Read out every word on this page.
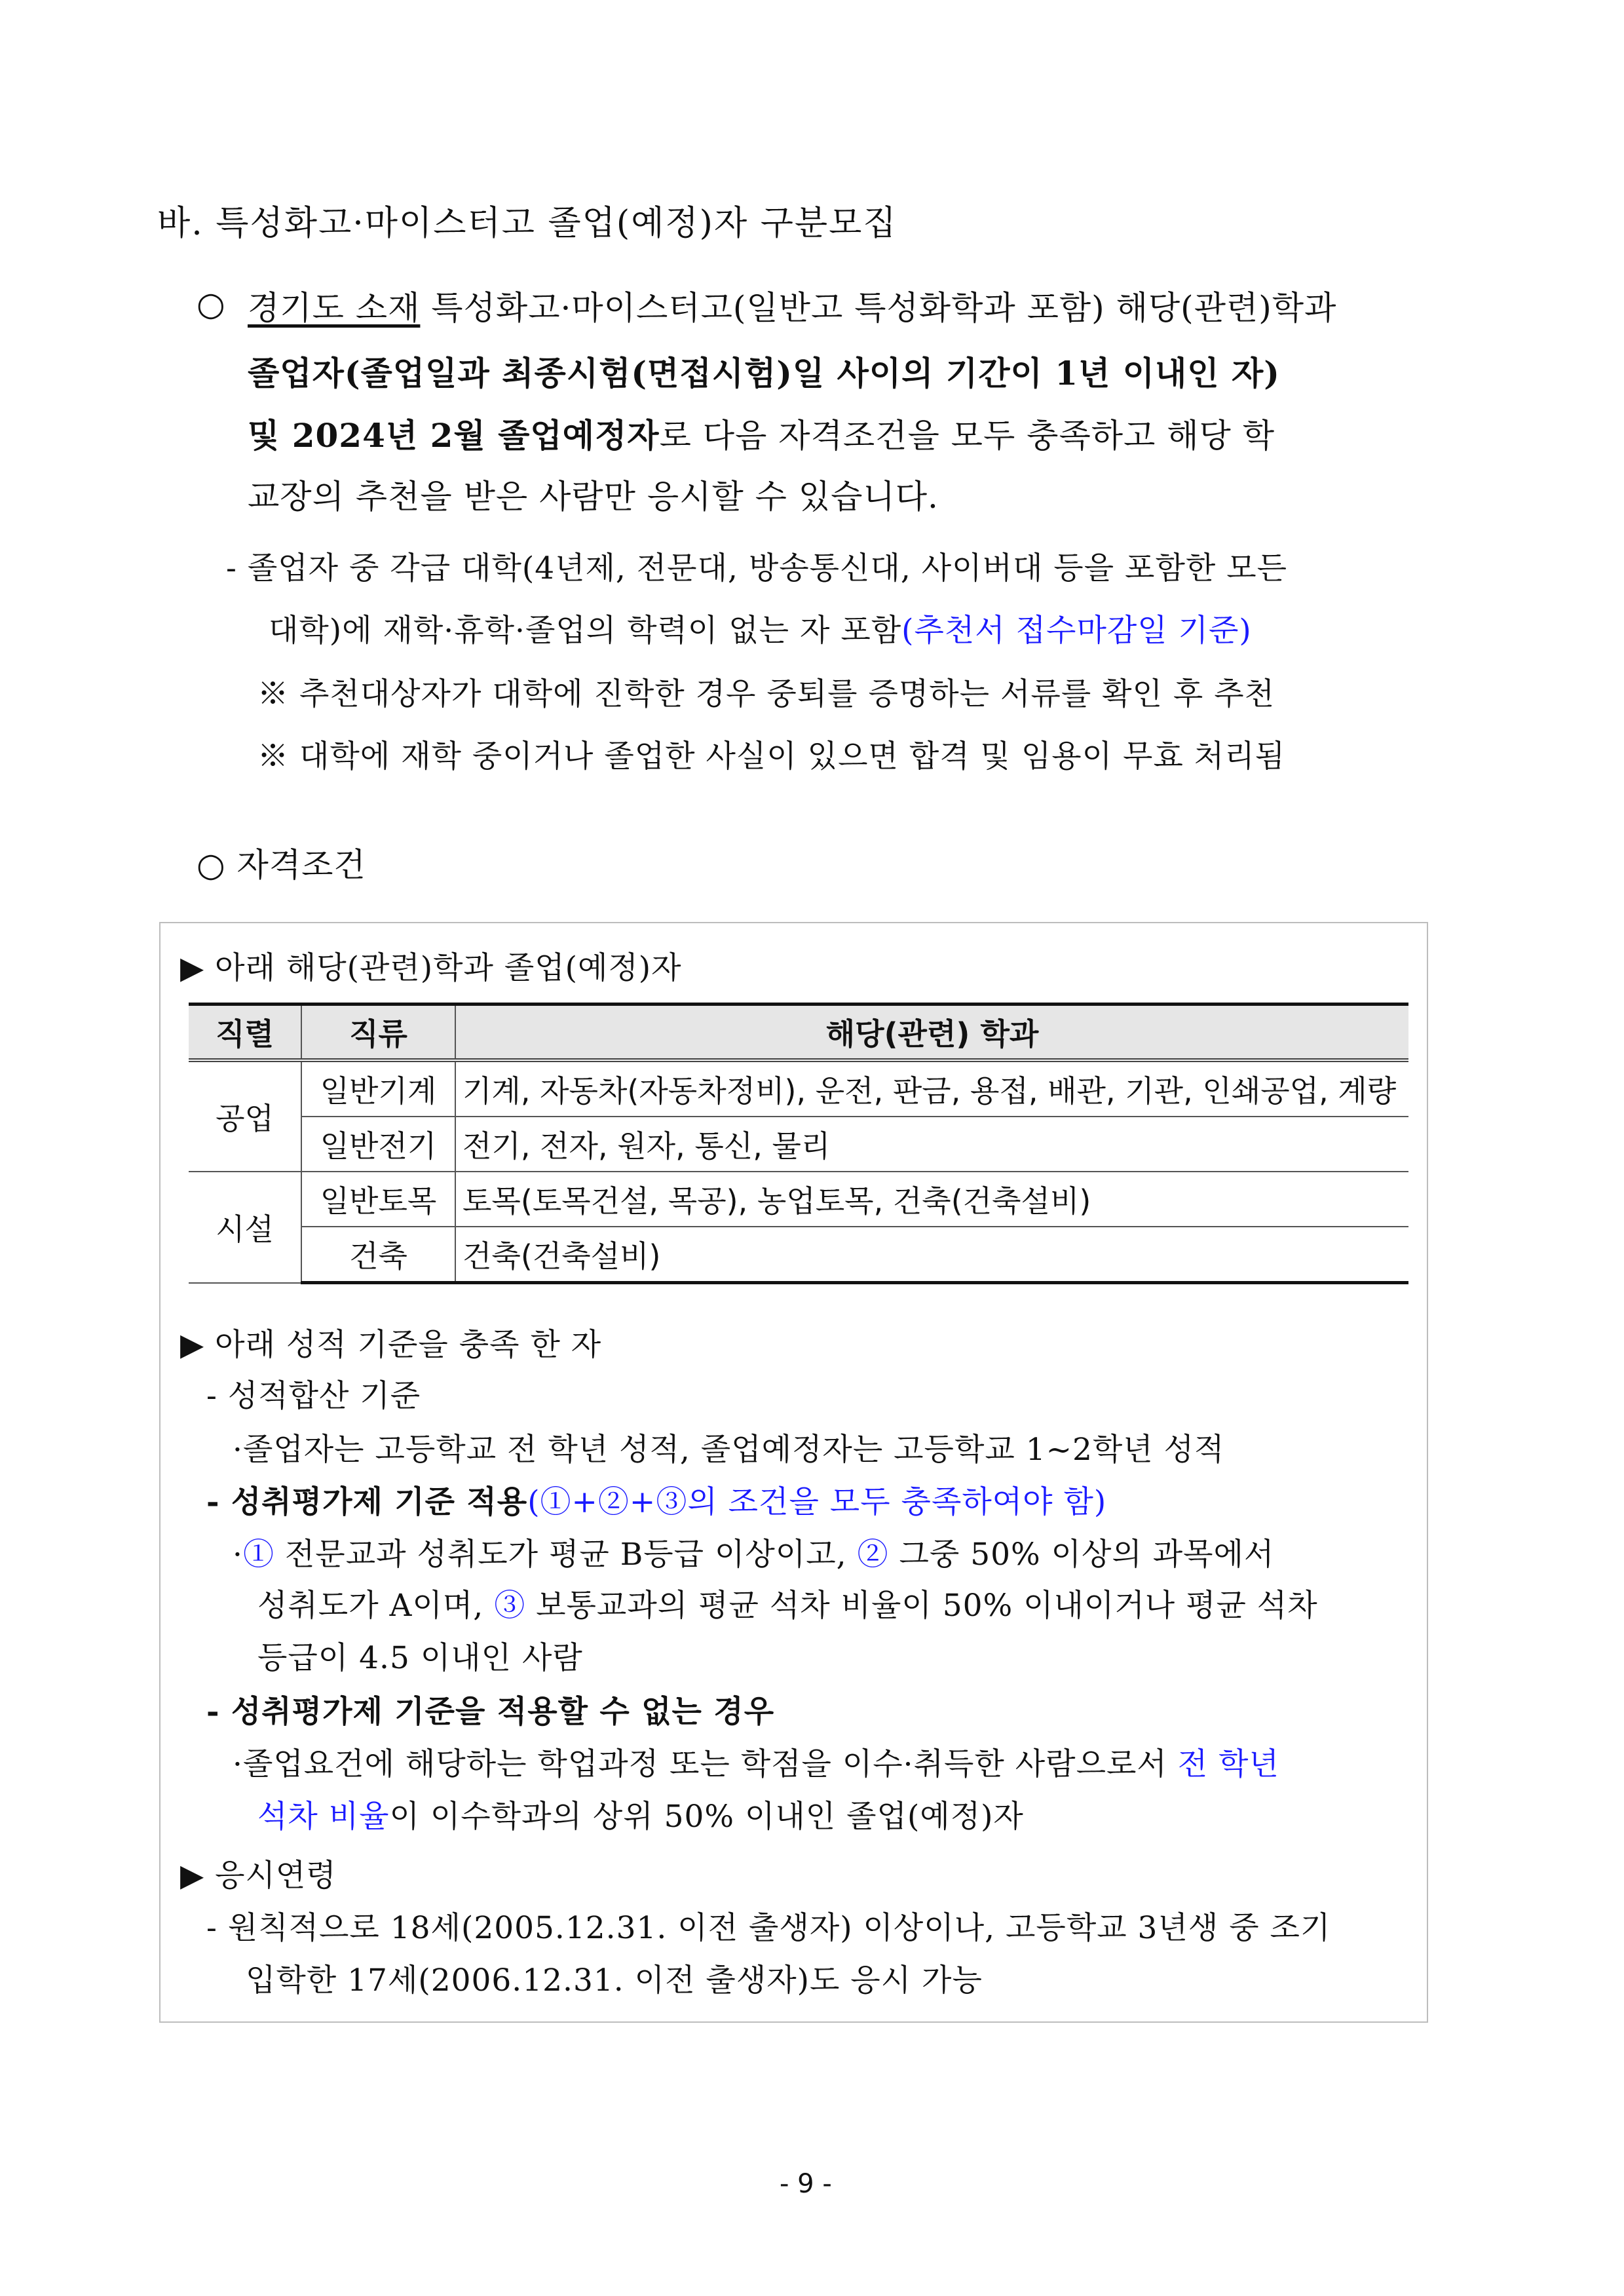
바. 특성화고·마이스터고 졸업(예정)자 구분모집
○ 경기도 소재 특성화고·마이스터고(일반고 특성화학과 포함) 해당(관련)학과
졸업자(졸업일과 최종시험(면접시험)일 사이의 기간이 1년 이내인 자)
및 2024년 2월 졸업예정자로 다음 자격조건을 모두 충족하고 해당 학
교장의 추천을 받은 사람만 응시할 수 있습니다.
- 졸업자 중 각급 대학(4년제, 전문대, 방송통신대, 사이버대 등을 포함한 모든
대학)에 재학·휴학·졸업의 학력이 없는 자 포함(추천서 접수마감일 기준)
※ 추천대상자가 대학에 진학한 경우 중퇴를 증명하는 서류를 확인 후 추천
※ 대학에 재학 중이거나 졸업한 사실이 있으면 합격 및 임용이 무효 처리됨
○ 자격조건
▶ 아래 해당(관련)학과 졸업(예정)자
직렬	직류	해당(관련) 학과
공업	일반기계	기계, 자동차(자동차정비), 운전, 판금, 용접, 배관, 기관, 인쇄공업, 계량
	일반전기	전기, 전자, 원자, 통신, 물리
시설	일반토목	토목(토목건설, 목공), 농업토목, 건축(건축설비)
	건축	건축(건축설비)
▶ 아래 성적 기준을 충족 한 자
- 성적합산 기준
·졸업자는 고등학교 전 학년 성적, 졸업예정자는 고등학교 1~2학년 성적
- 성취평가제 기준 적용(①+②+③의 조건을 모두 충족하여야 함)
·① 전문교과 성취도가 평균 B등급 이상이고, ② 그중 50% 이상의 과목에서
성취도가 A이며, ③ 보통교과의 평균 석차 비율이 50% 이내이거나 평균 석차
등급이 4.5 이내인 사람
- 성취평가제 기준을 적용할 수 없는 경우
·졸업요건에 해당하는 학업과정 또는 학점을 이수·취득한 사람으로서 전 학년
석차 비율이 이수학과의 상위 50% 이내인 졸업(예정)자
▶ 응시연령
- 원칙적으로 18세(2005.12.31. 이전 출생자) 이상이나, 고등학교 3년생 중 조기
입학한 17세(2006.12.31. 이전 출생자)도 응시 가능
- 9 -
